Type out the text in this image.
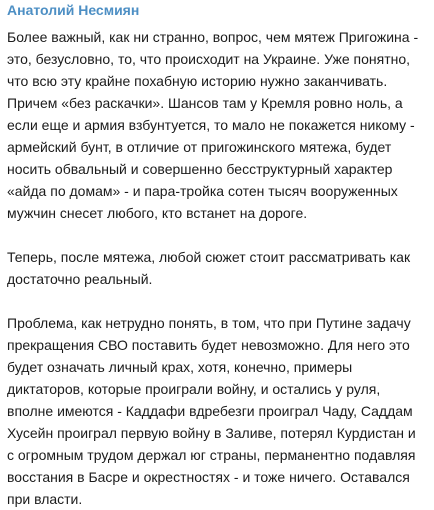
Анатолий Несмиян

Более важный, как ни странно, вопрос, чем мятеж Пригожина - это, безусловно, то, что происходит на Украине. Уже понятно, что всю эту крайне похабную историю нужно заканчивать. Причем «без раскачки». Шансов там у Кремля ровно ноль, а если еще и армия взбунтуется, то мало не покажется никому - армейский бунт, в отличие от пригожинского мятежа, будет носить обвальный и совершенно бесструктурный характер «айда по домам» - и пара-тройка сотен тысяч вооруженных мужчин снесет любого, кто встанет на дороге.

Теперь, после мятежа, любой сюжет стоит рассматривать как достаточно реальный.

Проблема, как нетрудно понять, в том, что при Путине задачу прекращения СВО поставить будет невозможно. Для него это будет означать личный крах, хотя, конечно, примеры диктаторов, которые проиграли войну, и остались у руля, вполне имеются - Каддафи вдребезги проиграл Чаду, Саддам Хусейн проиграл первую войну в Заливе, потерял Курдистан и с огромным трудом держал юг страны, перманентно подавляя восстания в Басре и окрестностях - и тоже ничего. Оставался при власти.
